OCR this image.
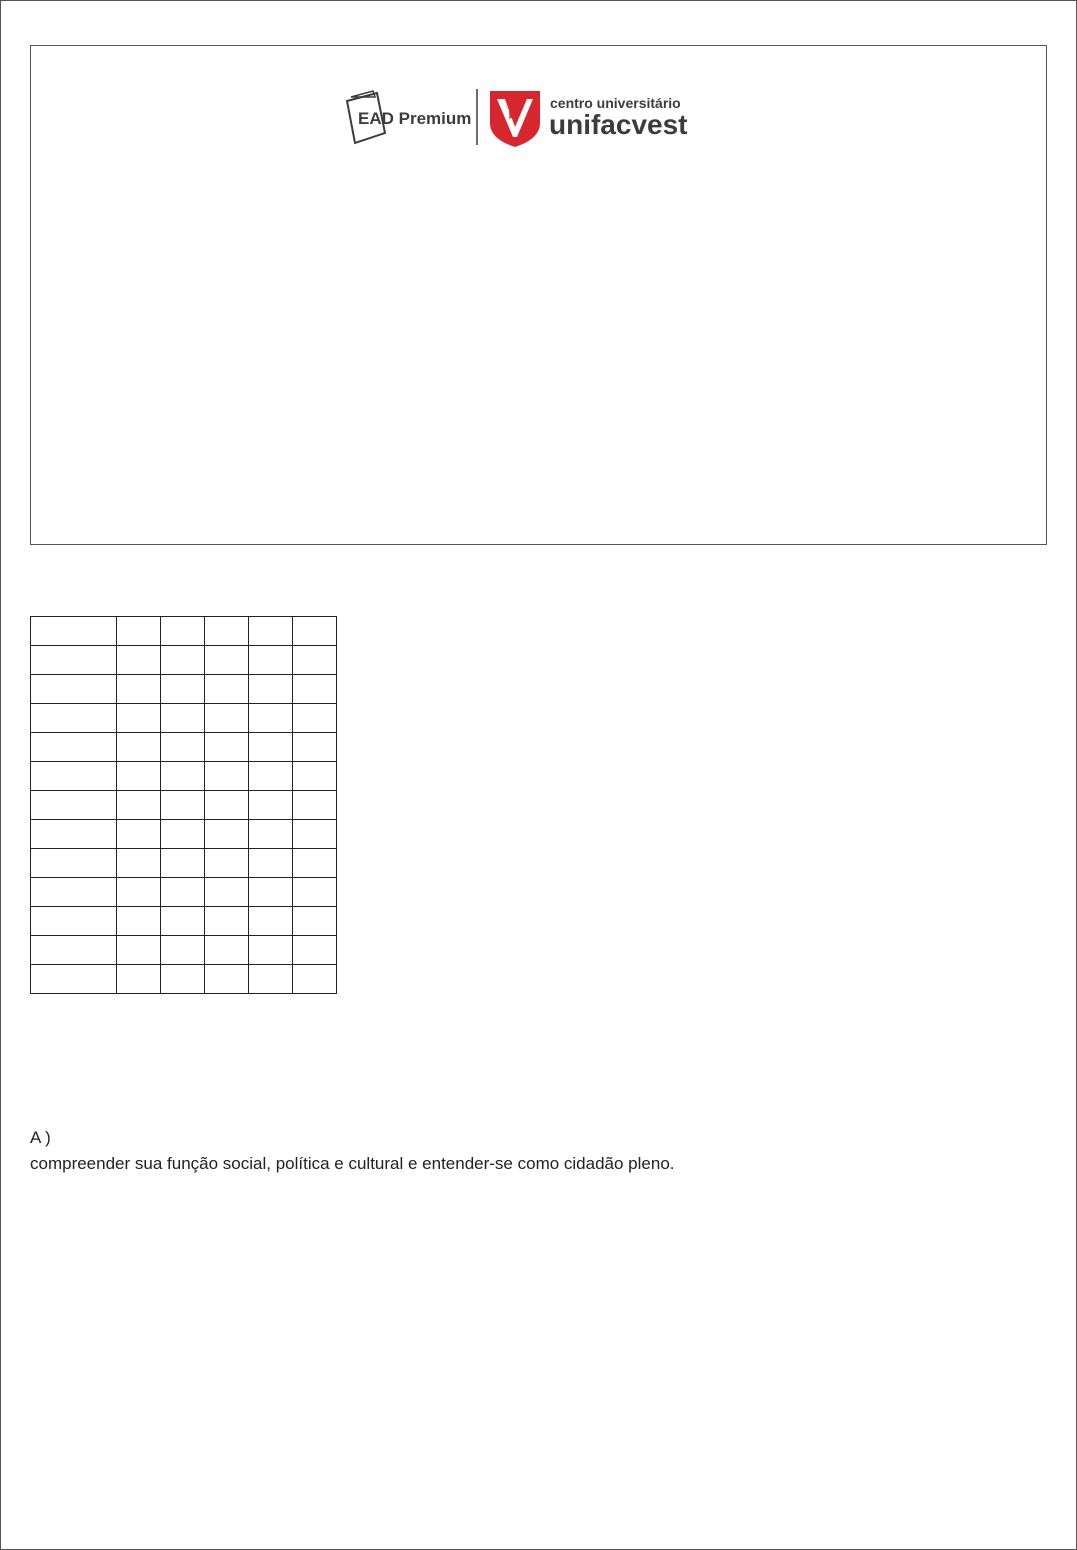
EAD Premium
centro universitário
unifacvest

A )
compreender sua função social, política e cultural e entender-se como cidadão pleno.
